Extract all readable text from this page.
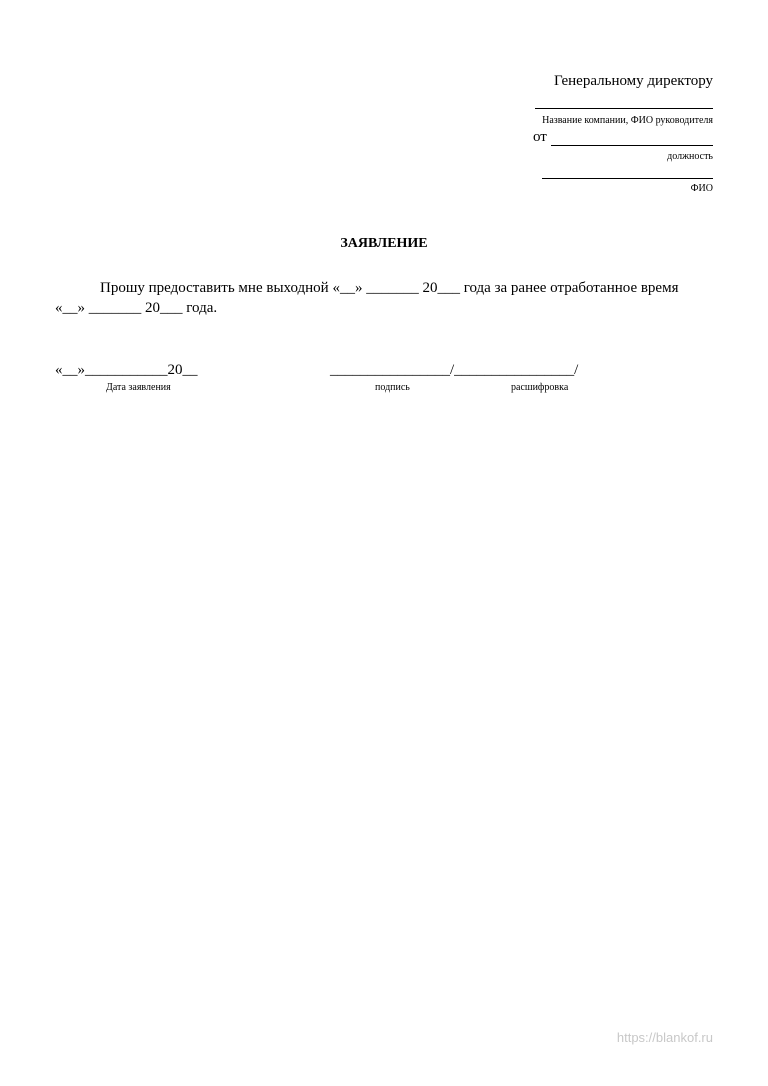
Генеральному директору
Название компании, ФИО руководителя
от
должность
ФИО
ЗАЯВЛЕНИЕ
Прошу предоставить мне выходной «__» _______ 20___ года за ранее отработанное время
«__» _______ 20___ года.
«__»___________20__
Дата заявления
________________/________________/
подпись	расшифровка
https://blankof.ru
